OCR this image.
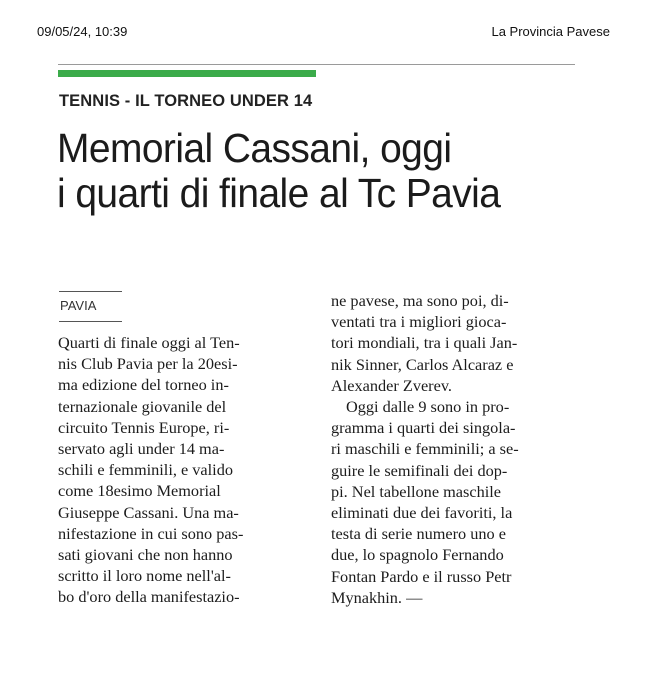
09/05/24, 10:39	La Provincia Pavese
TENNIS - IL TORNEO UNDER 14
Memorial Cassani, oggi
i quarti di finale al Tc Pavia
PAVIA
Quarti di finale oggi al Ten-
nis Club Pavia per la 20esi-
ma edizione del torneo in-
ternazionale giovanile del
circuito Tennis Europe, ri-
servato agli under 14 ma-
schili e femminili, e valido
come 18esimo Memorial
Giuseppe Cassani. Una ma-
nifestazione in cui sono pas-
sati giovani che non hanno
scritto il loro nome nell'al-
bo d'oro della manifestazio-
ne pavese, ma sono poi, di-
ventati tra i migliori gioca-
tori mondiali, tra i quali Jan-
nik Sinner, Carlos Alcaraz e
Alexander Zverev.
Oggi dalle 9 sono in pro-
gramma i quarti dei singola-
ri maschili e femminili; a se-
guire le semifinali dei dop-
pi. Nel tabellone maschile
eliminati due dei favoriti, la
testa di serie numero uno e
due, lo spagnolo Fernando
Fontan Pardo e il russo Petr
Mynakhin. —
